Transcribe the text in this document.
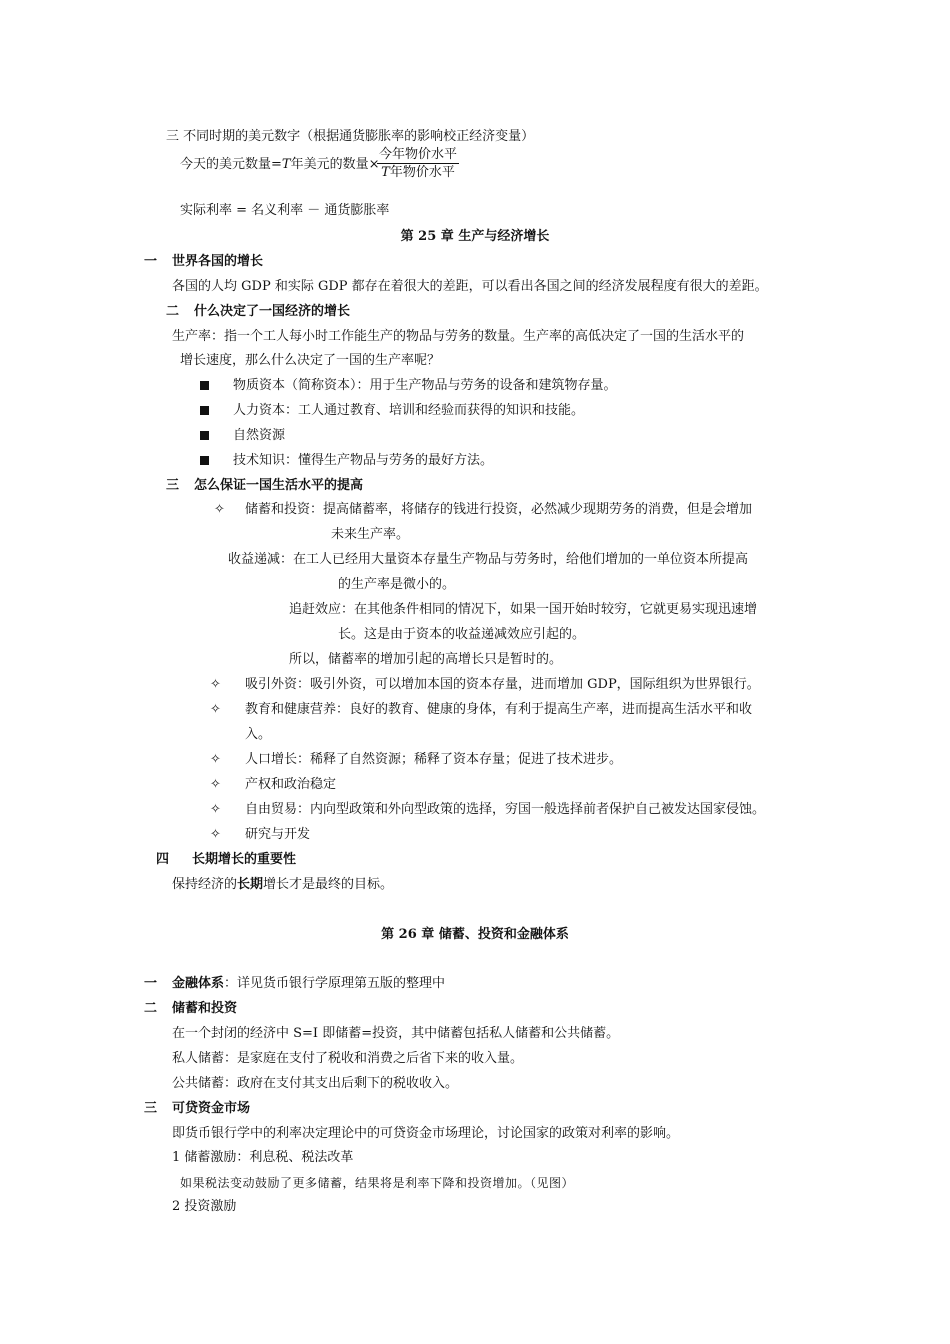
三 不同时期的美元数字（根据通货膨胀率的影响校正经济变量）
今天的美元数量=T年美元的数量×
今年物价水平
T年物价水平
实际利率 = 名义利率 － 通货膨胀率
第 25 章 生产与经济增长
一 世界各国的增长
各国的人均 GDP 和实际 GDP 都存在着很大的差距，可以看出各国之间的经济发展程度有很大的差距。
二 什么决定了一国经济的增长
生产率：指一个工人每小时工作能生产的物品与劳务的数量。生产率的高低决定了一国的生活水平的
增长速度，那么什么决定了一国的生产率呢？
物质资本（简称资本）：用于生产物品与劳务的设备和建筑物存量。
人力资本：工人通过教育、培训和经验而获得的知识和技能。
自然资源
技术知识：懂得生产物品与劳务的最好方法。
三 怎么保证一国生活水平的提高
✧ 储蓄和投资：提高储蓄率，将储存的钱进行投资，必然减少现期劳务的消费，但是会增加
未来生产率。
收益递减：在工人已经用大量资本存量生产物品与劳务时，给他们增加的一单位资本所提高
的生产率是微小的。
追赶效应：在其他条件相同的情况下，如果一国开始时较穷，它就更易实现迅速增
长。这是由于资本的收益递减效应引起的。
所以，储蓄率的增加引起的高增长只是暂时的。
✧ 吸引外资：吸引外资，可以增加本国的资本存量，进而增加 GDP，国际组织为世界银行。
✧ 教育和健康营养：良好的教育、健康的身体，有利于提高生产率，进而提高生活水平和收
入。
✧ 人口增长：稀释了自然资源；稀释了资本存量；促进了技术进步。
✧ 产权和政治稳定
✧ 自由贸易：内向型政策和外向型政策的选择，穷国一般选择前者保护自己被发达国家侵蚀。
✧ 研究与开发
四 长期增长的重要性
保持经济的长期增长才是最终的目标。
第 26 章 储蓄、投资和金融体系
一 金融体系：详见货币银行学原理第五版的整理中
二 储蓄和投资
在一个封闭的经济中 S=I 即储蓄=投资，其中储蓄包括私人储蓄和公共储蓄。
私人储蓄：是家庭在支付了税收和消费之后省下来的收入量。
公共储蓄：政府在支付其支出后剩下的税收收入。
三 可贷资金市场
即货币银行学中的利率决定理论中的可贷资金市场理论，讨论国家的政策对利率的影响。
1 储蓄激励：利息税、税法改革
如果税法变动鼓励了更多储蓄，结果将是利率下降和投资增加。（见图）
2 投资激励
